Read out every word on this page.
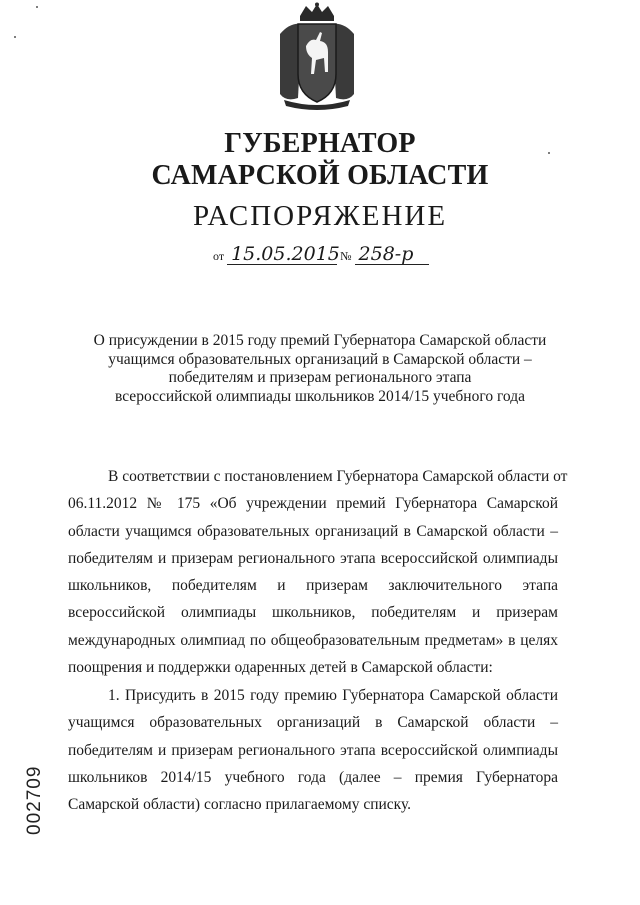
ГУБЕРНАТОР
САМАРСКОЙ ОБЛАСТИ
РАСПОРЯЖЕНИЕ
от 15.05.2015 № 258-р
О присуждении в 2015 году премий Губернатора Самарской области
учащимся образовательных организаций в Самарской области –
победителям и призерам регионального этапа
всероссийской олимпиады школьников 2014/15 учебного года
В соответствии с постановлением Губернатора Самарской области от
06.11.2012 № 175 «Об учреждении премий Губернатора Самарской
области учащимся образовательных организаций в Самарской области –
победителям и призерам регионального этапа всероссийской олимпиады
школьников, победителям и призерам заключительного этапа
всероссийской олимпиады школьников, победителям и призерам
международных олимпиад по общеобразовательным предметам» в целях
поощрения и поддержки одаренных детей в Самарской области:
1. Присудить в 2015 году премию Губернатора Самарской области
учащимся образовательных организаций в Самарской области –
победителям и призерам регионального этапа всероссийской олимпиады
школьников 2014/15 учебного года (далее – премия Губернатора
Самарской области) согласно прилагаемому списку.
002709
